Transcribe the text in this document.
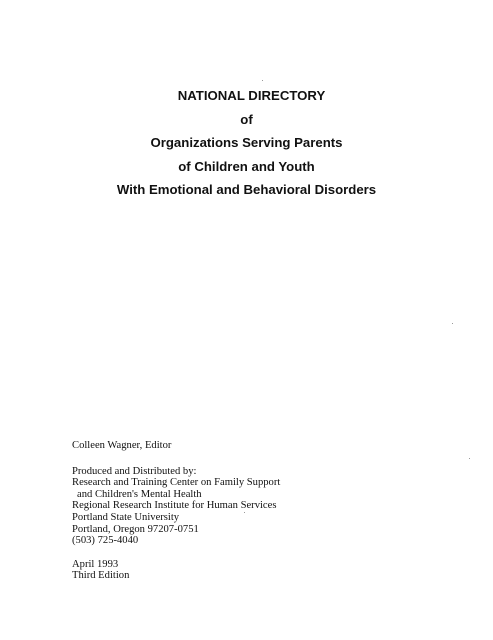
NATIONAL DIRECTORY
of
Organizations Serving Parents
of Children and Youth
With Emotional and Behavioral Disorders
Colleen Wagner, Editor
Produced and Distributed by:
Research and Training Center on Family Support
and Children's Mental Health
Regional Research Institute for Human Services
Portland State University
Portland, Oregon 97207-0751
(503) 725-4040
April 1993
Third Edition
